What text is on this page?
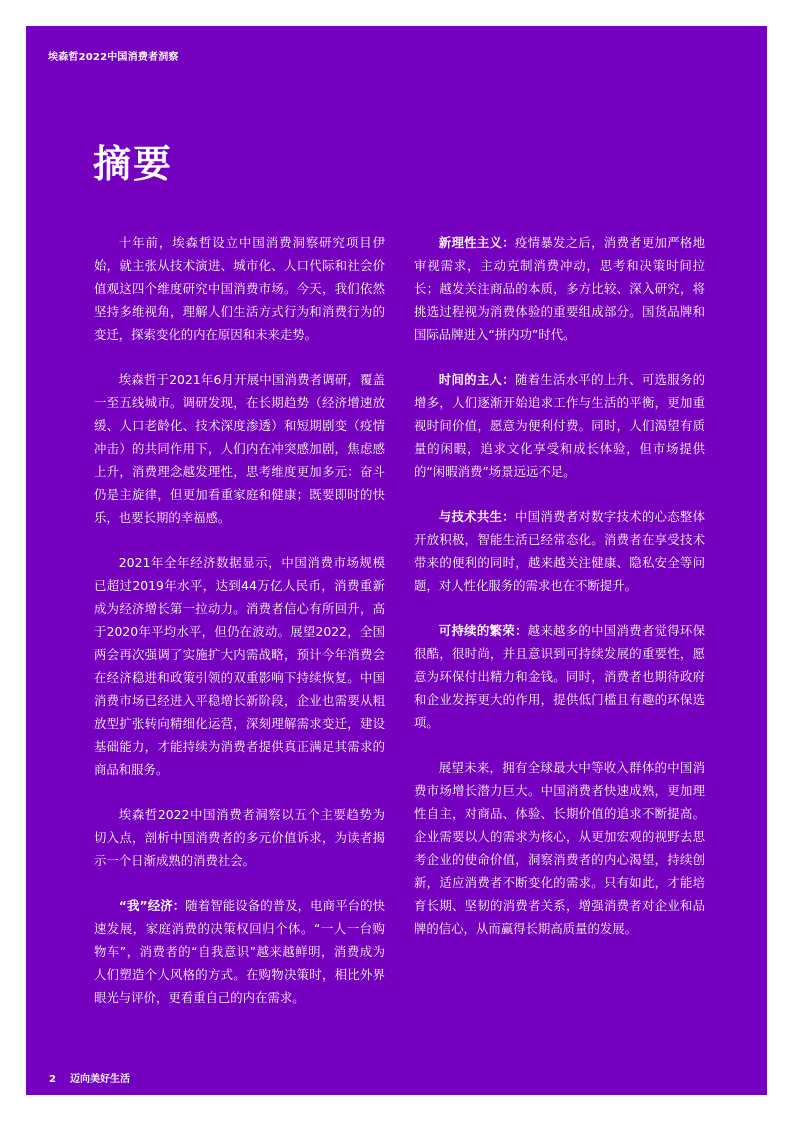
埃森哲2022中国消费者洞察
摘要

十年前，埃森哲设立中国消费洞察研究项目伊始，就主张从技术演进、城市化、人口代际和社会价值观这四个维度研究中国消费市场。今天，我们依然坚持多维视角，理解人们生活方式行为和消费行为的变迁，探索变化的内在原因和未来走势。

埃森哲于2021年6月开展中国消费者调研，覆盖一至五线城市。调研发现，在长期趋势（经济增速放缓、人口老龄化、技术深度渗透）和短期剧变（疫情冲击）的共同作用下，人们内在冲突感加剧，焦虑感上升，消费理念越发理性，思考维度更加多元：奋斗仍是主旋律，但更加看重家庭和健康；既要即时的快乐，也要长期的幸福感。

2021年全年经济数据显示，中国消费市场规模已超过2019年水平，达到44万亿人民币，消费重新成为经济增长第一拉动力。消费者信心有所回升，高于2020年平均水平，但仍在波动。展望2022，全国两会再次强调了实施扩大内需战略，预计今年消费会在经济稳进和政策引领的双重影响下持续恢复。中国消费市场已经进入平稳增长新阶段，企业也需要从粗放型扩张转向精细化运营，深刻理解需求变迁，建设基础能力，才能持续为消费者提供真正满足其需求的商品和服务。

埃森哲2022中国消费者洞察以五个主要趋势为切入点，剖析中国消费者的多元价值诉求，为读者揭示一个日渐成熟的消费社会。

“我”经济：随着智能设备的普及，电商平台的快速发展，家庭消费的决策权回归个体。“一人一台购物车”，消费者的“自我意识”越来越鲜明，消费成为人们塑造个人风格的方式。在购物决策时，相比外界眼光与评价，更看重自己的内在需求。

新理性主义：疫情暴发之后，消费者更加严格地审视需求，主动克制消费冲动，思考和决策时间拉长；越发关注商品的本质，多方比较、深入研究，将挑选过程视为消费体验的重要组成部分。国货品牌和国际品牌进入“拼内功”时代。

时间的主人：随着生活水平的上升、可选服务的增多，人们逐渐开始追求工作与生活的平衡，更加重视时间价值，愿意为便利付费。同时，人们渴望有质量的闲暇，追求文化享受和成长体验，但市场提供的“闲暇消费”场景远远不足。

与技术共生：中国消费者对数字技术的心态整体开放积极，智能生活已经常态化。消费者在享受技术带来的便利的同时，越来越关注健康、隐私安全等问题，对人性化服务的需求也在不断提升。

可持续的繁荣：越来越多的中国消费者觉得环保很酷，很时尚，并且意识到可持续发展的重要性，愿意为环保付出精力和金钱。同时，消费者也期待政府和企业发挥更大的作用，提供低门槛且有趣的环保选项。

展望未来，拥有全球最大中等收入群体的中国消费市场增长潜力巨大。中国消费者快速成熟，更加理性自主，对商品、体验、长期价值的追求不断提高。企业需要以人的需求为核心，从更加宏观的视野去思考企业的使命价值，洞察消费者的内心渴望，持续创新，适应消费者不断变化的需求。只有如此，才能培育长期、坚韧的消费者关系，增强消费者对企业和品牌的信心，从而赢得长期高质量的发展。

2 迈向美好生活
